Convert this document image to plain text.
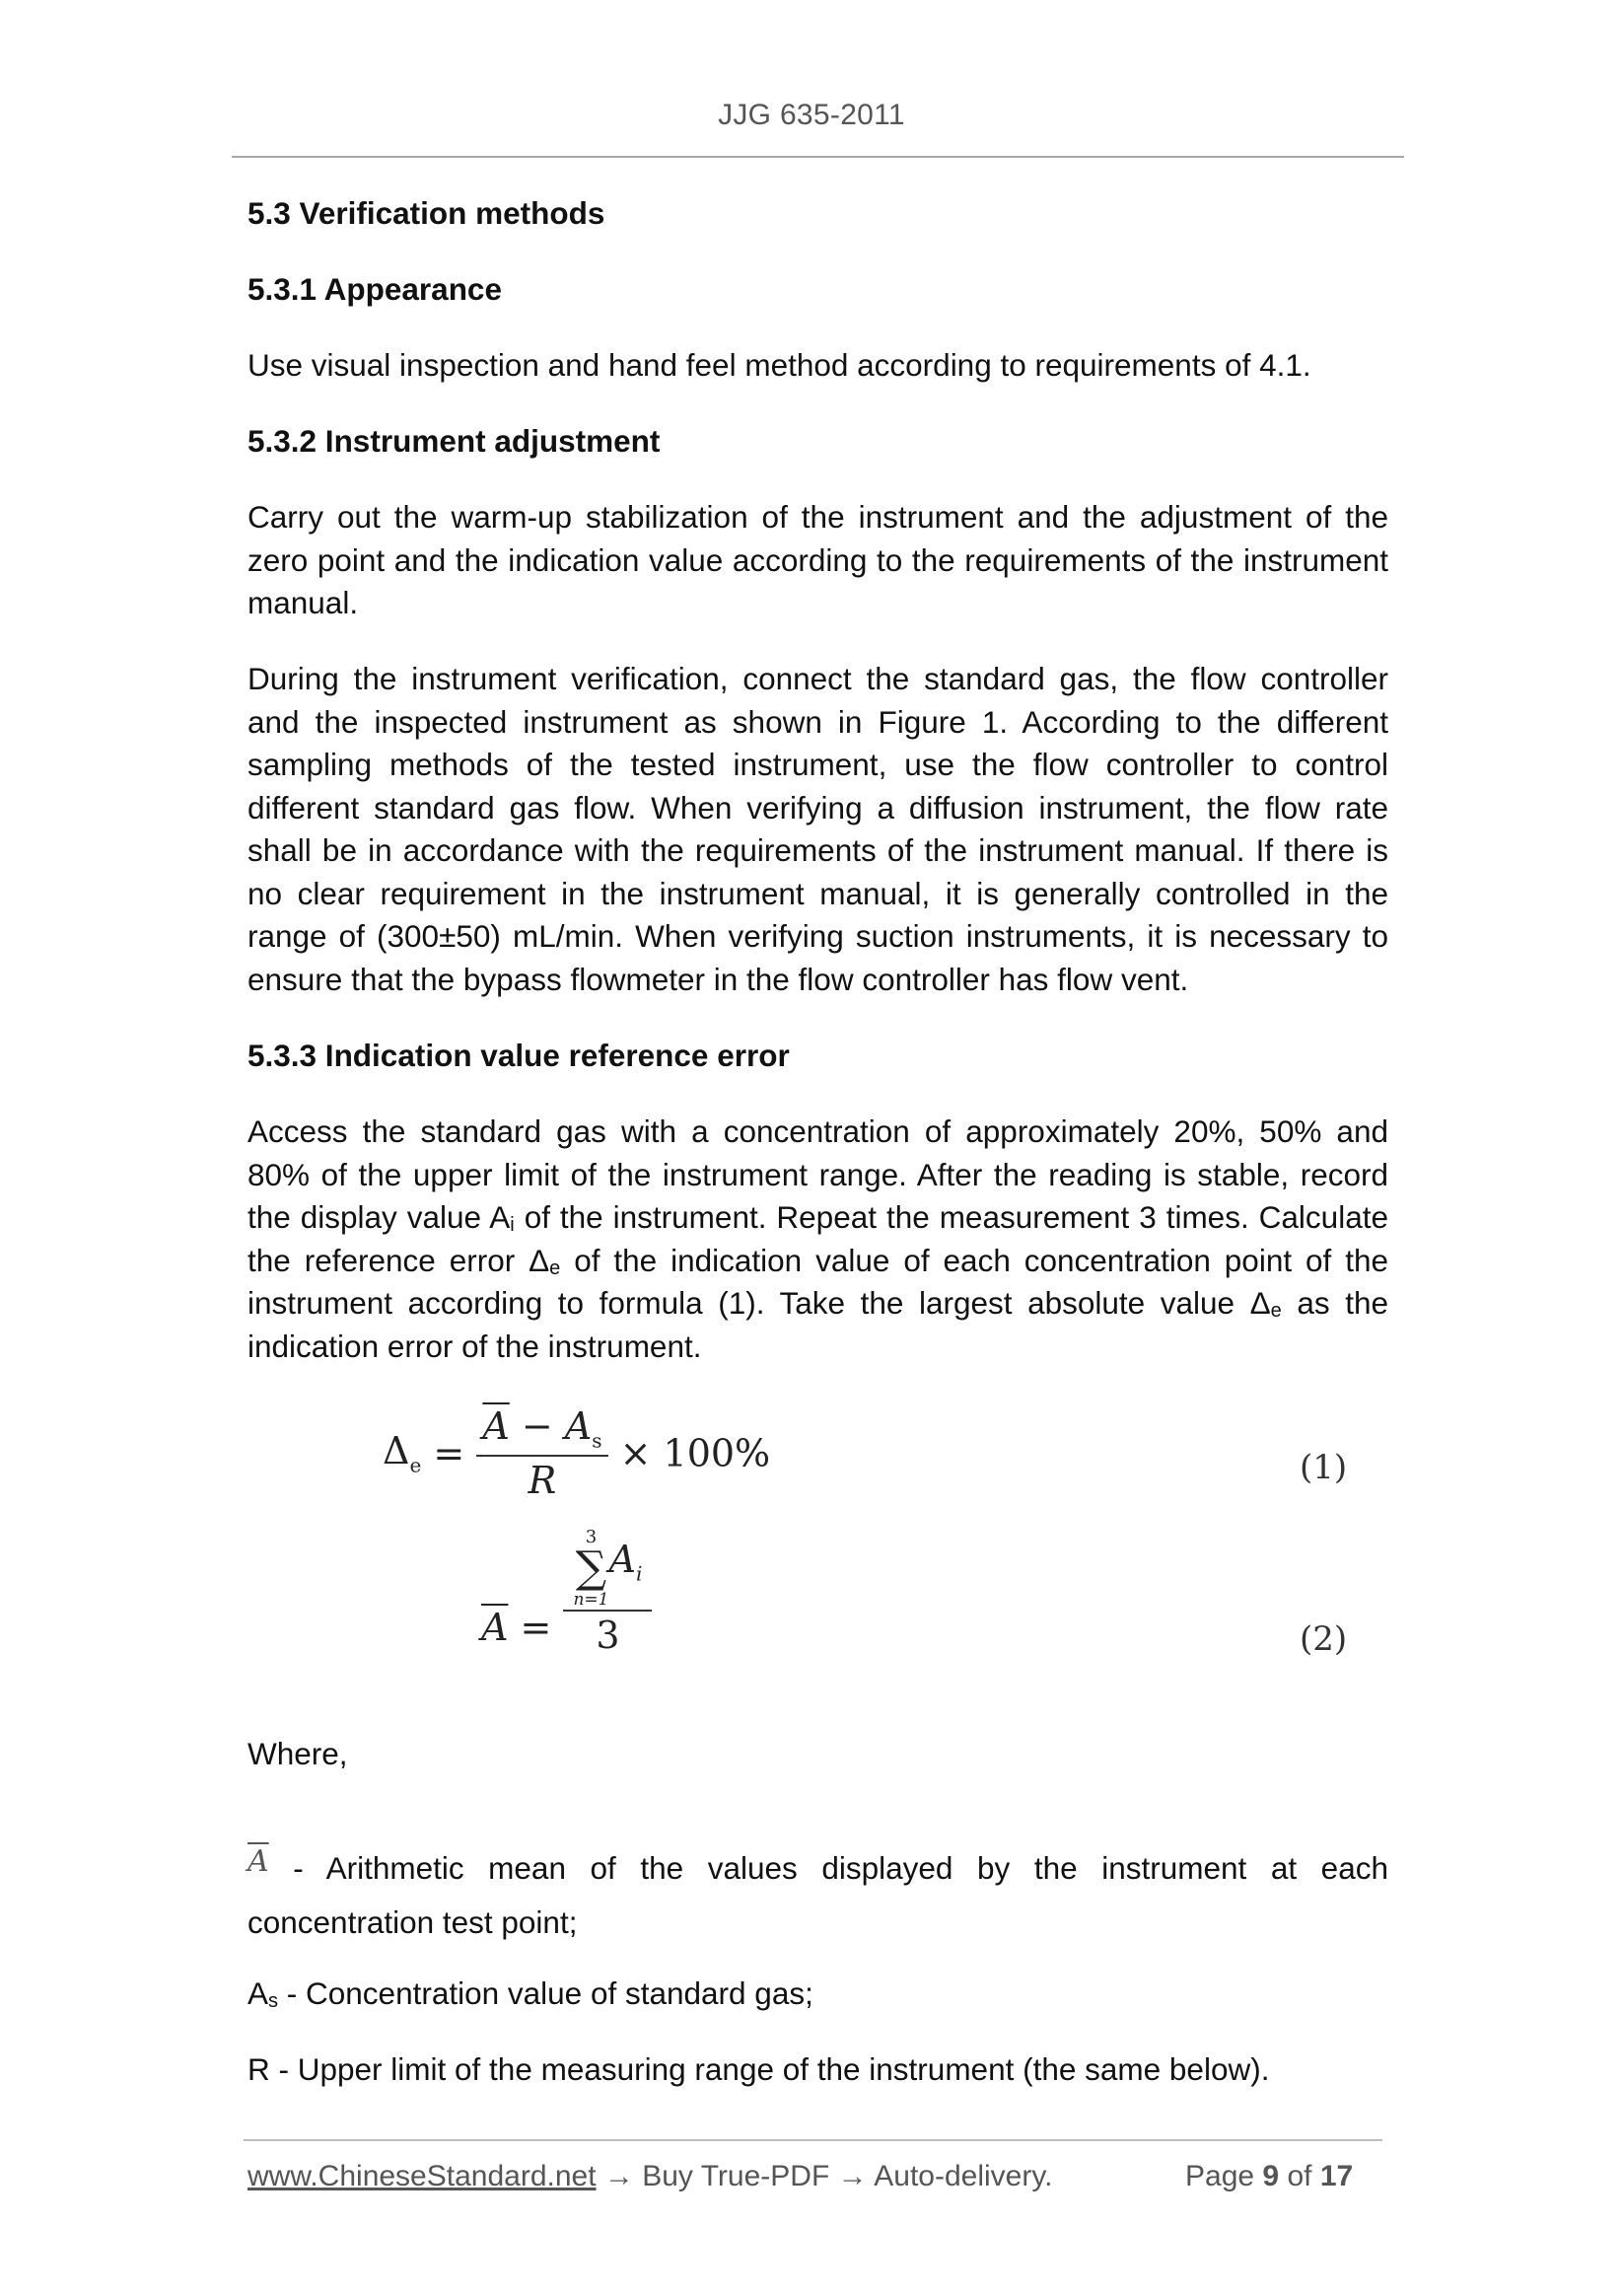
JJG 635-2011
5.3 Verification methods
5.3.1 Appearance
Use visual inspection and hand feel method according to requirements of 4.1.
5.3.2 Instrument adjustment
Carry out the warm-up stabilization of the instrument and the adjustment of the zero point and the indication value according to the requirements of the instrument manual.
During the instrument verification, connect the standard gas, the flow controller and the inspected instrument as shown in Figure 1. According to the different sampling methods of the tested instrument, use the flow controller to control different standard gas flow. When verifying a diffusion instrument, the flow rate shall be in accordance with the requirements of the instrument manual. If there is no clear requirement in the instrument manual, it is generally controlled in the range of (300±50) mL/min. When verifying suction instruments, it is necessary to ensure that the bypass flowmeter in the flow controller has flow vent.
5.3.3 Indication value reference error
Access the standard gas with a concentration of approximately 20%, 50% and 80% of the upper limit of the instrument range. After the reading is stable, record the display value $A_i$ of the instrument. Repeat the measurement 3 times. Calculate the reference error $\Delta_e$ of the indication value of each concentration point of the instrument according to formula (1). Take the largest absolute value $\Delta_e$ as the indication error of the instrument.
$\Delta_e = \frac{\overline{A} - A_s}{R} \times 100\%$	(1)
$\overline{A} = 3$
∑
n=1
$A_i$
3	(2)
Where,
$\overline{A}$ - Arithmetic mean of the values displayed by the instrument at each concentration test point;
$A_s$ - Concentration value of standard gas;
R - Upper limit of the measuring range of the instrument (the same below).
www.ChineseStandard.net → Buy True-PDF → Auto-delivery.	Page 9 of 17
